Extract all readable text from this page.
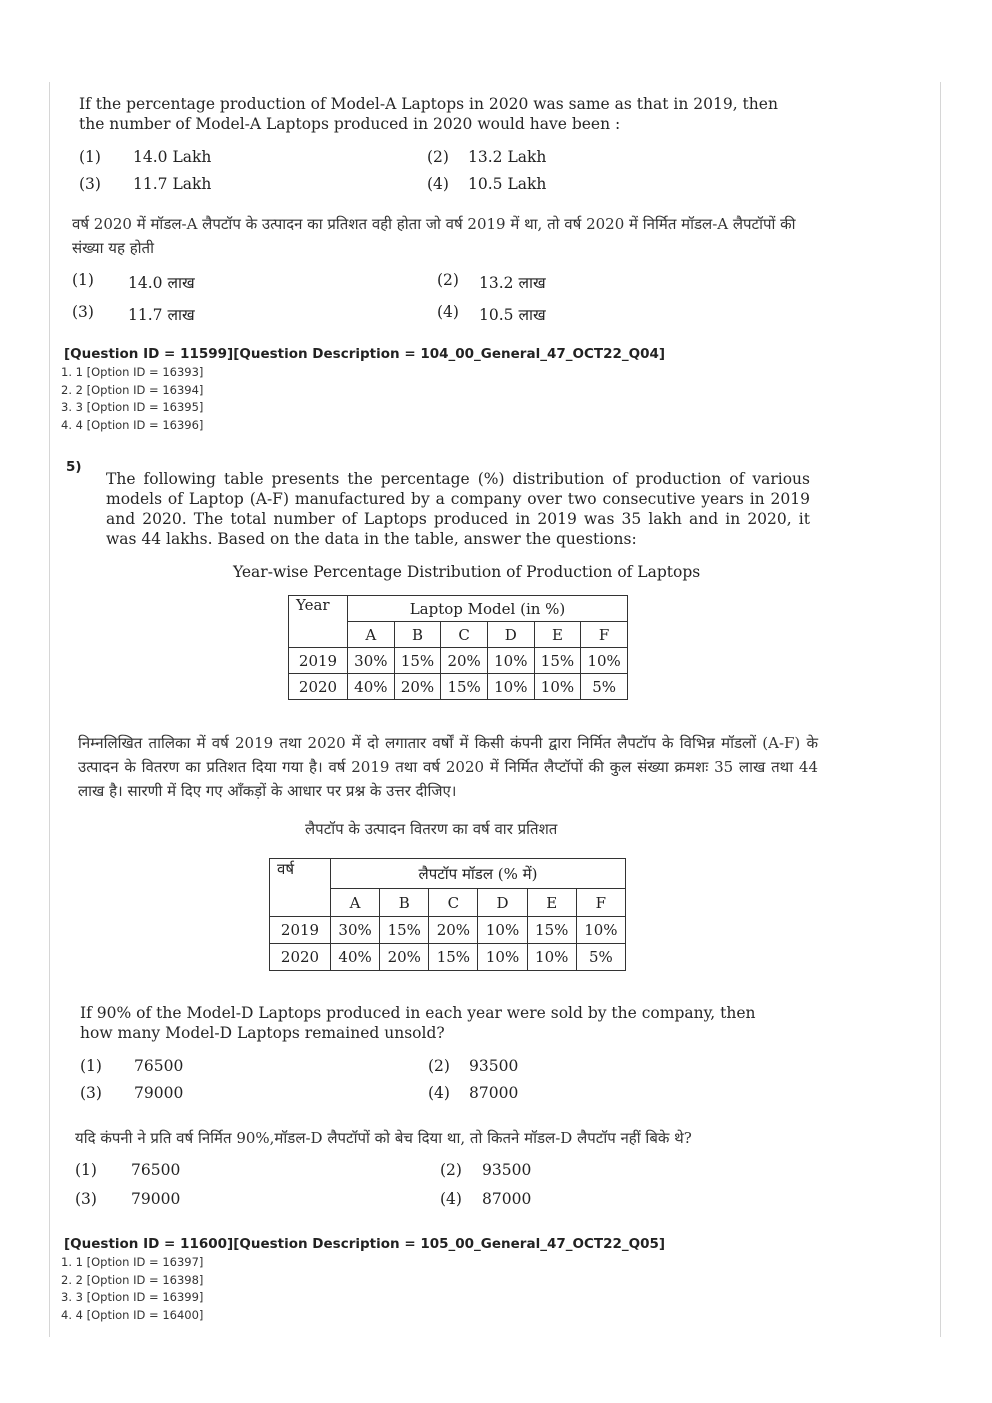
If the percentage production of Model-A Laptops in 2020 was same as that in 2019, then the number of Model-A Laptops produced in 2020 would have been :
(1) 14.0 Lakh	(2) 13.2 Lakh
(3) 11.7 Lakh	(4) 10.5 Lakh
वर्ष 2020 में मॉडल-A लैपटॉप के उत्पादन का प्रतिशत वही होता जो वर्ष 2019 में था, तो वर्ष 2020 में निर्मित मॉडल-A लैपटॉपों की संख्या यह होती
(1) 14.0 लाख	(2) 13.2 लाख
(3) 11.7 लाख	(4) 10.5 लाख
[Question ID = 11599][Question Description = 104_00_General_47_OCT22_Q04]
1. 1 [Option ID = 16393]
2. 2 [Option ID = 16394]
3. 3 [Option ID = 16395]
4. 4 [Option ID = 16396]
5)
The following table presents the percentage (%) distribution of production of various models of Laptop (A-F) manufactured by a company over two consecutive years in 2019 and 2020. The total number of Laptops produced in 2019 was 35 lakh and in 2020, it was 44 lakhs. Based on the data in the table, answer the questions:
Year-wise Percentage Distribution of Production of Laptops
Year	Laptop Model (in %)					
	A	B	C	D	E	F
2019	30%	15%	20%	10%	15%	10%
2020	40%	20%	15%	10%	10%	5%
निम्नलिखित तालिका में वर्ष 2019 तथा 2020 में दो लगातार वर्षों में किसी कंपनी द्वारा निर्मित लैपटॉप के विभिन्न मॉडलों (A-F) के उत्पादन के वितरण का प्रतिशत दिया गया है। वर्ष 2019 तथा वर्ष 2020 में निर्मित लैप्टॉपों की कुल संख्या क्रमशः 35 लाख तथा 44 लाख है। सारणी में दिए गए आँकड़ों के आधार पर प्रश्न के उत्तर दीजिए।
लैपटॉप के उत्पादन वितरण का वर्ष वार प्रतिशत
वर्ष	लैपटॉप मॉडल (% में)					
	A	B	C	D	E	F
2019	30%	15%	20%	10%	15%	10%
2020	40%	20%	15%	10%	10%	5%
If 90% of the Model-D Laptops produced in each year were sold by the company, then how many Model-D Laptops remained unsold?
(1) 76500	(2) 93500
(3) 79000	(4) 87000
यदि कंपनी ने प्रति वर्ष निर्मित 90%,मॉडल-D लैपटॉपों को बेच दिया था, तो कितने मॉडल-D लैपटॉप नहीं बिके थे?
(1) 76500	(2) 93500
(3) 79000	(4) 87000
[Question ID = 11600][Question Description = 105_00_General_47_OCT22_Q05]
1. 1 [Option ID = 16397]
2. 2 [Option ID = 16398]
3. 3 [Option ID = 16399]
4. 4 [Option ID = 16400]
